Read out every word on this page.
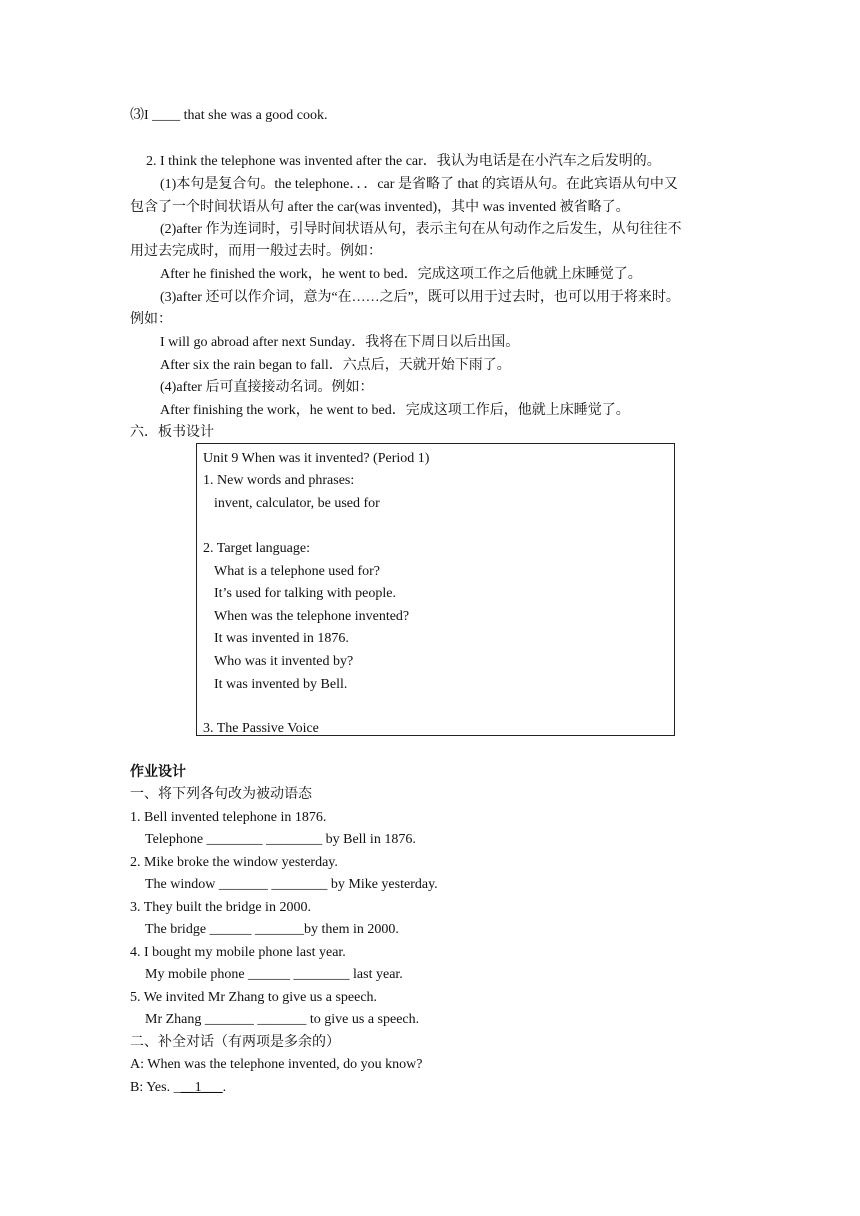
⑶I ____ that she was a good cook.
2. I think the telephone was invented after the car．我认为电话是在小汽车之后发明的。
(1)本句是复合句。the telephone．．．car 是省略了 that 的宾语从句。在此宾语从句中又
包含了一个时间状语从句 after the car(was invented)，其中 was invented 被省略了。
(2)after 作为连词时，引导时间状语从句，表示主句在从句动作之后发生，从句往往不
用过去完成时，而用一般过去时。例如：
After he finished the work，he went to bed．完成这项工作之后他就上床睡觉了。
(3)after 还可以作介词，意为“在……之后”，既可以用于过去时，也可以用于将来时。
例如：
I will go abroad after next Sunday．我将在下周日以后出国。
After six the rain began to fall．六点后，天就开始下雨了。
(4)after 后可直接接动名词。例如：
After finishing the work，he went to bed．完成这项工作后，他就上床睡觉了。
六．板书设计
Unit 9 When was it invented? (Period 1)
1. New words and phrases:
invent, calculator, be used for
2. Target language:
What is a telephone used for?
It’s used for talking with people.
When was the telephone invented?
It was invented in 1876.
Who was it invented by?
It was invented by Bell.
3. The Passive Voice
作业设计
一、将下列各句改为被动语态
1. Bell invented telephone in 1876.
Telephone ________ ________ by Bell in 1876.
2. Mike broke the window yesterday.
The window _______ ________ by Mike yesterday.
3. They built the bridge in 2000.
The bridge ______ _______by them in 2000.
4. I bought my mobile phone last year.
My mobile phone ______ ________ last year.
5. We invited Mr Zhang to give us a speech.
Mr Zhang _______ _______ to give us a speech.
二、补全对话（有两项是多余的）
A: When was the telephone invented, do you know?
B: Yes. ___1___.
